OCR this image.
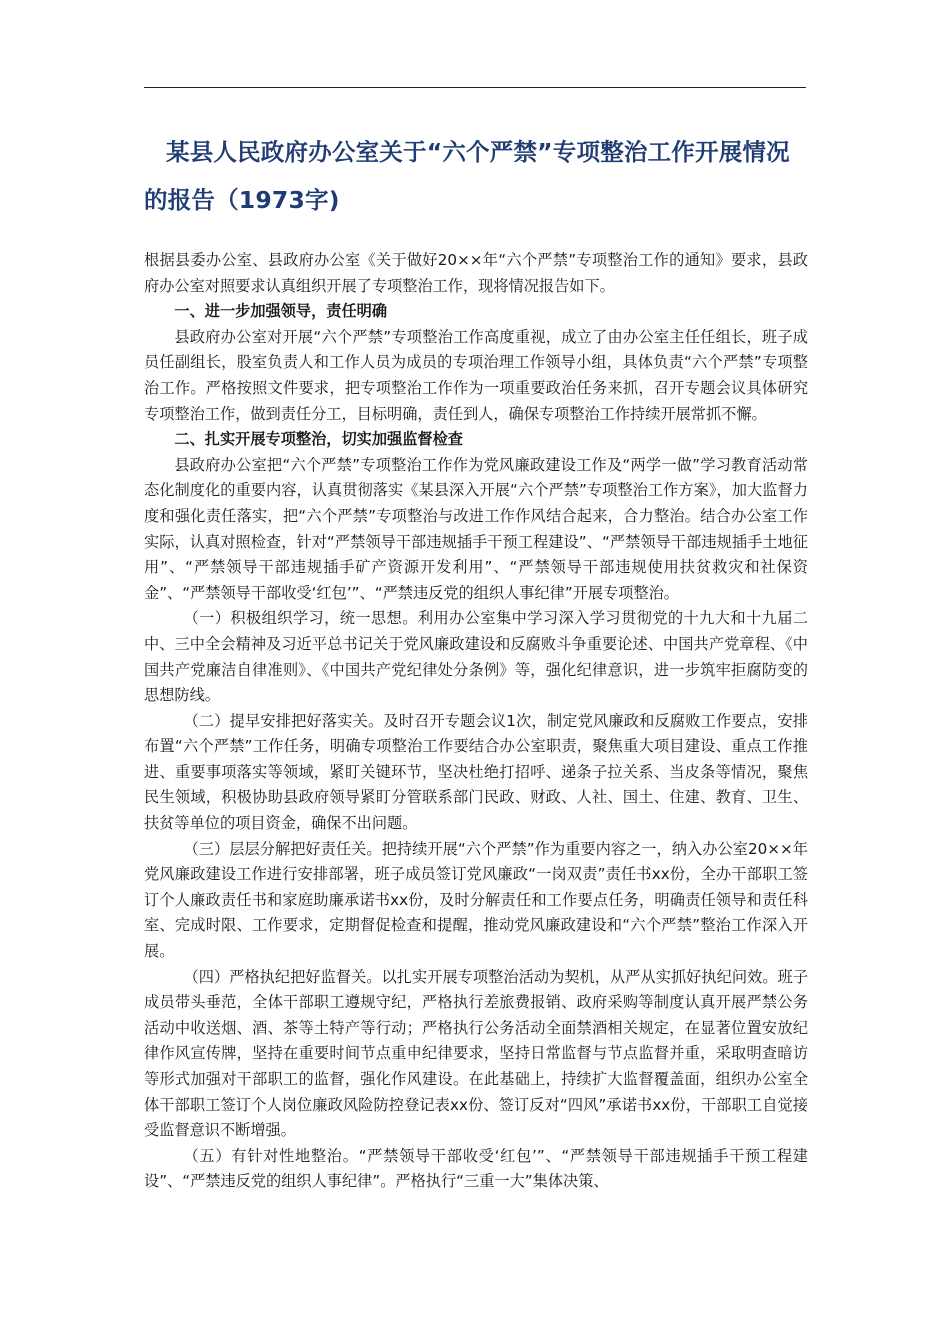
某县人民政府办公室关于“六个严禁”专项整治工作开展情况的报告（1973字)

根据县委办公室、县政府办公室《关于做好20××年“六个严禁”专项整治工作的通知》要求，县政府办公室对照要求认真组织开展了专项整治工作，现将情况报告如下。

一、进一步加强领导，责任明确

县政府办公室对开展“六个严禁”专项整治工作高度重视，成立了由办公室主任任组长，班子成员任副组长，股室负责人和工作人员为成员的专项治理工作领导小组，具体负责“六个严禁”专项整治工作。严格按照文件要求，把专项整治工作作为一项重要政治任务来抓，召开专题会议具体研究专项整治工作，做到责任分工，目标明确，责任到人，确保专项整治工作持续开展常抓不懈。

二、扎实开展专项整治，切实加强监督检查

县政府办公室把“六个严禁”专项整治工作作为党风廉政建设工作及“两学一做”学习教育活动常态化制度化的重要内容，认真贯彻落实《某县深入开展“六个严禁”专项整治工作方案》，加大监督力度和强化责任落实，把“六个严禁”专项整治与改进工作作风结合起来，合力整治。结合办公室工作实际，认真对照检查，针对“严禁领导干部违规插手干预工程建设”、“严禁领导干部违规插手土地征用”、“严禁领导干部违规插手矿产资源开发利用”、“严禁领导干部违规使用扶贫救灾和社保资金”、“严禁领导干部收受‘红包’”、“严禁违反党的组织人事纪律”开展专项整治。

（一）积极组织学习，统一思想。利用办公室集中学习深入学习贯彻党的十九大和十九届二中、三中全会精神及习近平总书记关于党风廉政建设和反腐败斗争重要论述、中国共产党章程、《中国共产党廉洁自律准则》、《中国共产党纪律处分条例》等，强化纪律意识，进一步筑牢拒腐防变的思想防线。

（二）提早安排把好落实关。及时召开专题会议1次，制定党风廉政和反腐败工作要点，安排布置“六个严禁”工作任务，明确专项整治工作要结合办公室职责，聚焦重大项目建设、重点工作推进、重要事项落实等领域，紧盯关键环节，坚决杜绝打招呼、递条子拉关系、当皮条等情况，聚焦民生领域，积极协助县政府领导紧盯分管联系部门民政、财政、人社、国土、住建、教育、卫生、扶贫等单位的项目资金，确保不出问题。

（三）层层分解把好责任关。把持续开展“六个严禁”作为重要内容之一，纳入办公室20××年党风廉政建设工作进行安排部署，班子成员签订党风廉政“一岗双责”责任书xx份，全办干部职工签订个人廉政责任书和家庭助廉承诺书xx份，及时分解责任和工作要点任务，明确责任领导和责任科室、完成时限、工作要求，定期督促检查和提醒，推动党风廉政建设和“六个严禁”整治工作深入开展。

（四）严格执纪把好监督关。以扎实开展专项整治活动为契机，从严从实抓好执纪问效。班子成员带头垂范，全体干部职工遵规守纪，严格执行差旅费报销、政府采购等制度认真开展严禁公务活动中收送烟、酒、茶等土特产等行动；严格执行公务活动全面禁酒相关规定，在显著位置安放纪律作风宣传牌，坚持在重要时间节点重申纪律要求，坚持日常监督与节点监督并重，采取明查暗访等形式加强对干部职工的监督，强化作风建设。在此基础上，持续扩大监督覆盖面，组织办公室全体干部职工签订个人岗位廉政风险防控登记表xx份、签订反对“四风”承诺书xx份，干部职工自觉接受监督意识不断增强。

（五）有针对性地整治。“严禁领导干部收受‘红包’”、“严禁领导干部违规插手干预工程建设”、“严禁违反党的组织人事纪律”。严格执行“三重一大”集体决策、
